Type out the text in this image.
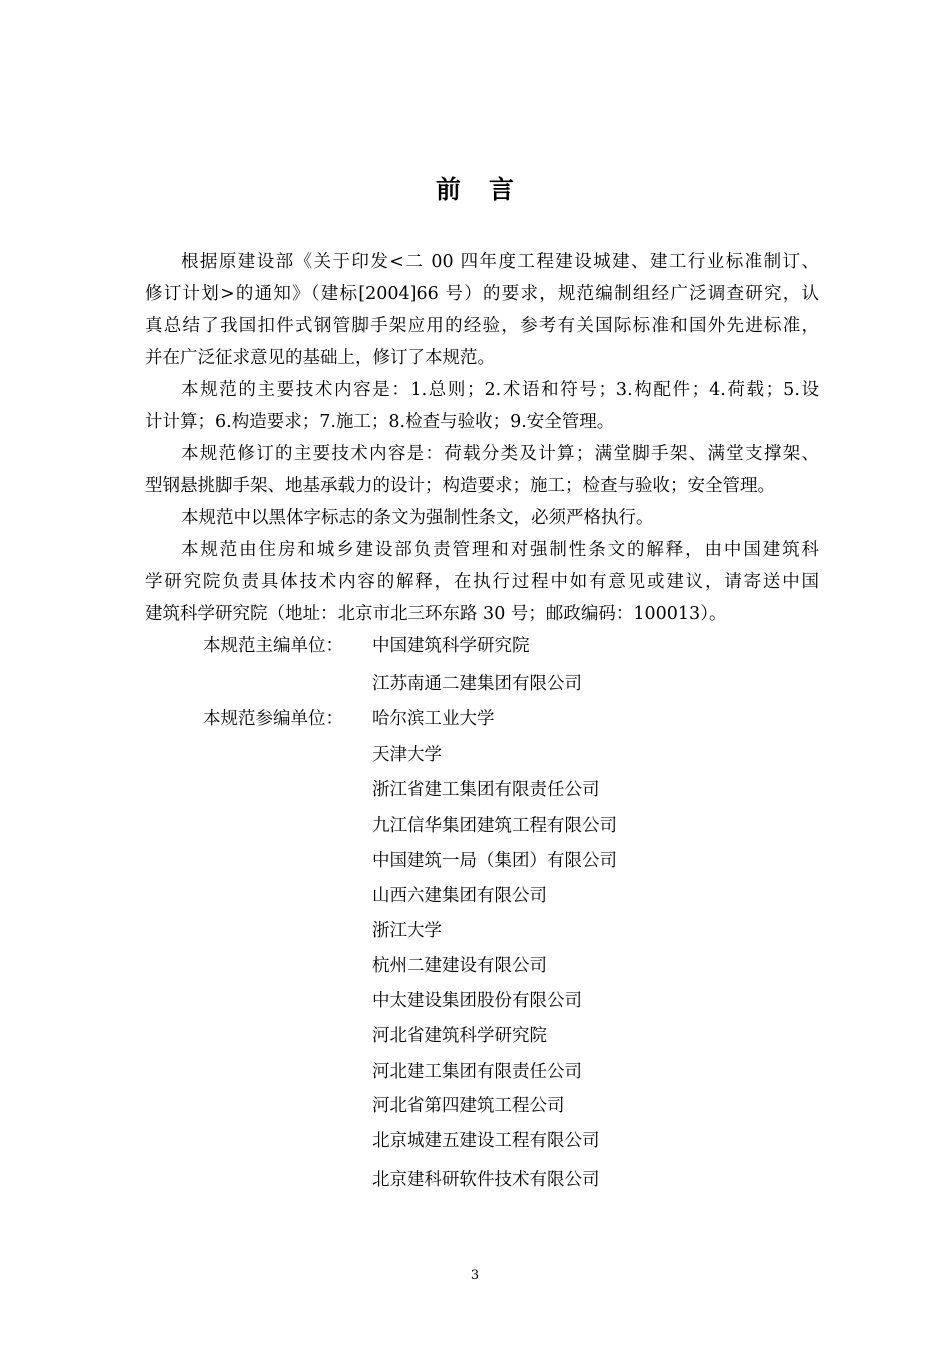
前言
根据原建设部《关于印发<二 00 四年度工程建设城建、建工行业标准制订、
修订计划>的通知》（建标[2004]66 号）的要求，规范编制组经广泛调查研究，认
真总结了我国扣件式钢管脚手架应用的经验，参考有关国际标准和国外先进标准，
并在广泛征求意见的基础上，修订了本规范。
本规范的主要技术内容是：1.总则；2.术语和符号；3.构配件；4.荷载；5.设
计计算；6.构造要求；7.施工；8.检查与验收；9.安全管理。
本规范修订的主要技术内容是：荷载分类及计算；满堂脚手架、满堂支撑架、
型钢悬挑脚手架、地基承载力的设计；构造要求；施工；检查与验收；安全管理。
本规范中以黑体字标志的条文为强制性条文，必须严格执行。
本规范由住房和城乡建设部负责管理和对强制性条文的解释，由中国建筑科
学研究院负责具体技术内容的解释，在执行过程中如有意见或建议，请寄送中国
建筑科学研究院（地址：北京市北三环东路 30 号；邮政编码：100013）。
本规范主编单位： 中国建筑科学研究院
江苏南通二建集团有限公司
本规范参编单位： 哈尔滨工业大学
天津大学
浙江省建工集团有限责任公司
九江信华集团建筑工程有限公司
中国建筑一局（集团）有限公司
山西六建集团有限公司
浙江大学
杭州二建建设有限公司
中太建设集团股份有限公司
河北省建筑科学研究院
河北建工集团有限责任公司
河北省第四建筑工程公司
北京城建五建设工程有限公司
北京建科研软件技术有限公司
3
